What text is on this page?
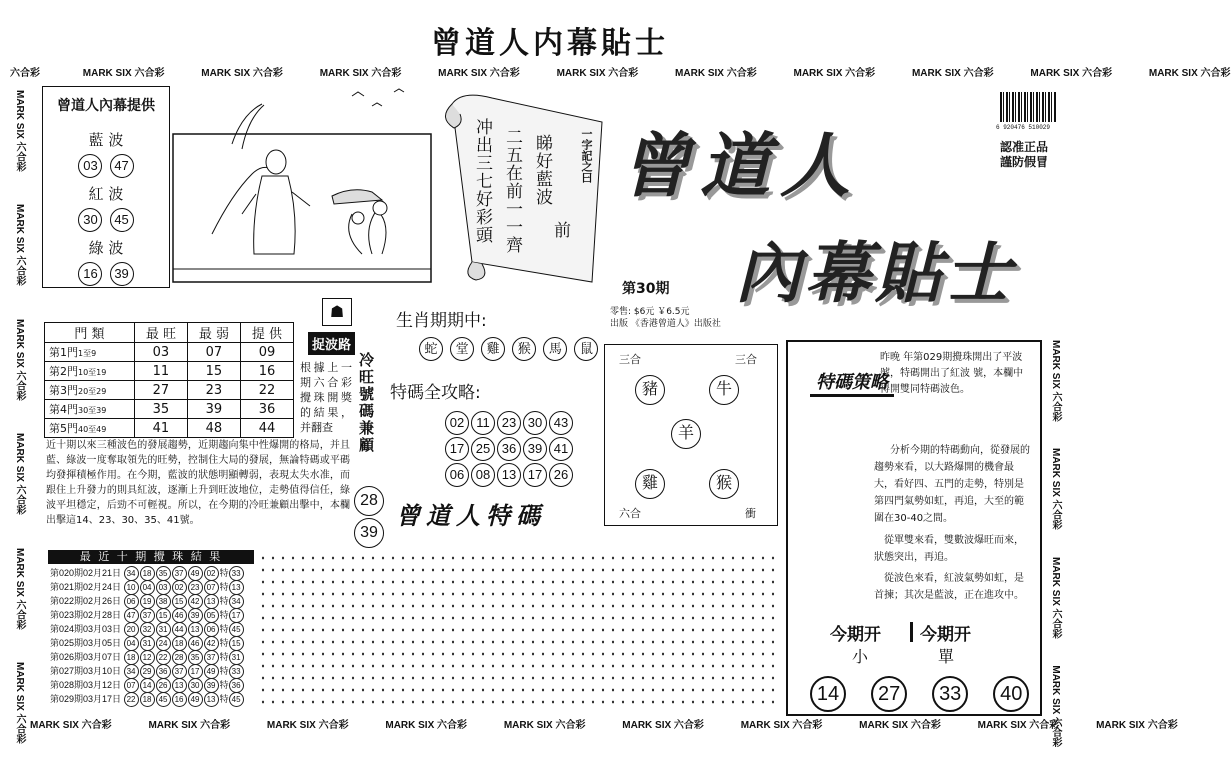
曾道人内幕貼士
六合彩	MARK SIX 六合彩	MARK SIX 六合彩	MARK SIX 六合彩	MARK SIX 六合彩	MARK SIX 六合彩	MARK SIX 六合彩	MARK SIX 六合彩	MARK SIX 六合彩	MARK SIX 六合彩	MARK SIX 六合彩
MARK SIX 六合彩 MARK SIX 六合彩 MARK SIX 六合彩 MARK SIX 六合彩 MARK SIX 六合彩 MARK SIX 六合彩
MARK SIX 六合彩 MARK SIX 六合彩 MARK SIX 六合彩 MARK SIX 六合彩
曾道人內幕提供
藍 波
03 47
紅 波
30 45
綠 波
16 39
一字記之曰
睇好藍波
二五在前一一齊
冲出三七好彩頭	前
曾道人
內幕貼士
6 920476 510029
認准正品
謹防假冒
第30期
零售: $6元 ￥6.5元
出版 《香港曾道人》出版社
門 類	最 旺	最 弱	提 供
第1門1至9	03	07	09
第2門10至19	11	15	16
第3門20至29	27	23	22
第4門30至39	35	39	36
第5門40至49	41	48	44
☗
捉波路
根據上一期六合彩攪珠開獎的結果，并翻查	冷旺號碼兼顧
28
39
近十期以來三種波色的發展趨勢，近期趨向集中性爆開的格局，并且藍、綠波一度奪取領先的旺勢，控制住大局的發展，無論特碼或平碼均發揮積極作用。在今期，藍波的狀態明顯轉弱，表現太失水准，而跟住上升發力的則具紅波，逐漸上升到旺波地位，走勢值得信任，綠波平坦穩定，后勁不可輕視。所以，在今期的冷旺兼顧出擊中，本欄出擊這14、23、30、35、41號。
生肖期期中:
蛇 堂 雞 猴 馬 鼠
特碼全攻略:
02 11 23 30 43
17 25 36 39 41
06 08 13 17 26
曾道人特碼
三合	三合
豬	牛
羊
雞	猴
六合	衝
特碼策略
昨晚 年第029期攪珠開出了平波 號，特碼開出了紅波 號，本欄中得開雙同特碼波色。
分析今期的特碼動向，從發展的趨勢來看，以大路爆開的機會最大，看好四、五門的走勢，特別是第四門氣勢如虹，再追，大至的範圍在30-40之間。
從單雙來看，雙數波爆旺而來，狀態突出，再追。
從波色來看，紅波氣勢如虹，是首揀；其次是藍波，正在進攻中。
今期开 今期开
小	單
14 27 33 40
最 近 十 期 攪 珠 結 果
第020期02月21日 34 18 35 37 49 02 特 33
第021期02月24日 10 04 03 02 23 07 特 13
第022期02月26日 06 19 38 15 42 13 特 34
第023期02月28日 47 37 15 46 39 05 特 17
第024期03月03日 20 32 31 44 13 06 特 45
第025期03月05日 04 31 24 18 46 42 特 15
第026期03月07日 18 12 22 28 35 37 特 31
第027期03月10日 34 29 36 37 17 49 特 33
第028期03月12日 07 14 26 13 30 39 特 36
第029期03月17日 22 18 45 16 49 13 特 45
MARK SIX 六合彩	MARK SIX 六合彩	MARK SIX 六合彩	MARK SIX 六合彩	MARK SIX 六合彩	MARK SIX 六合彩	MARK SIX 六合彩	MARK SIX 六合彩	MARK SIX 六合彩	MARK SIX 六合彩
